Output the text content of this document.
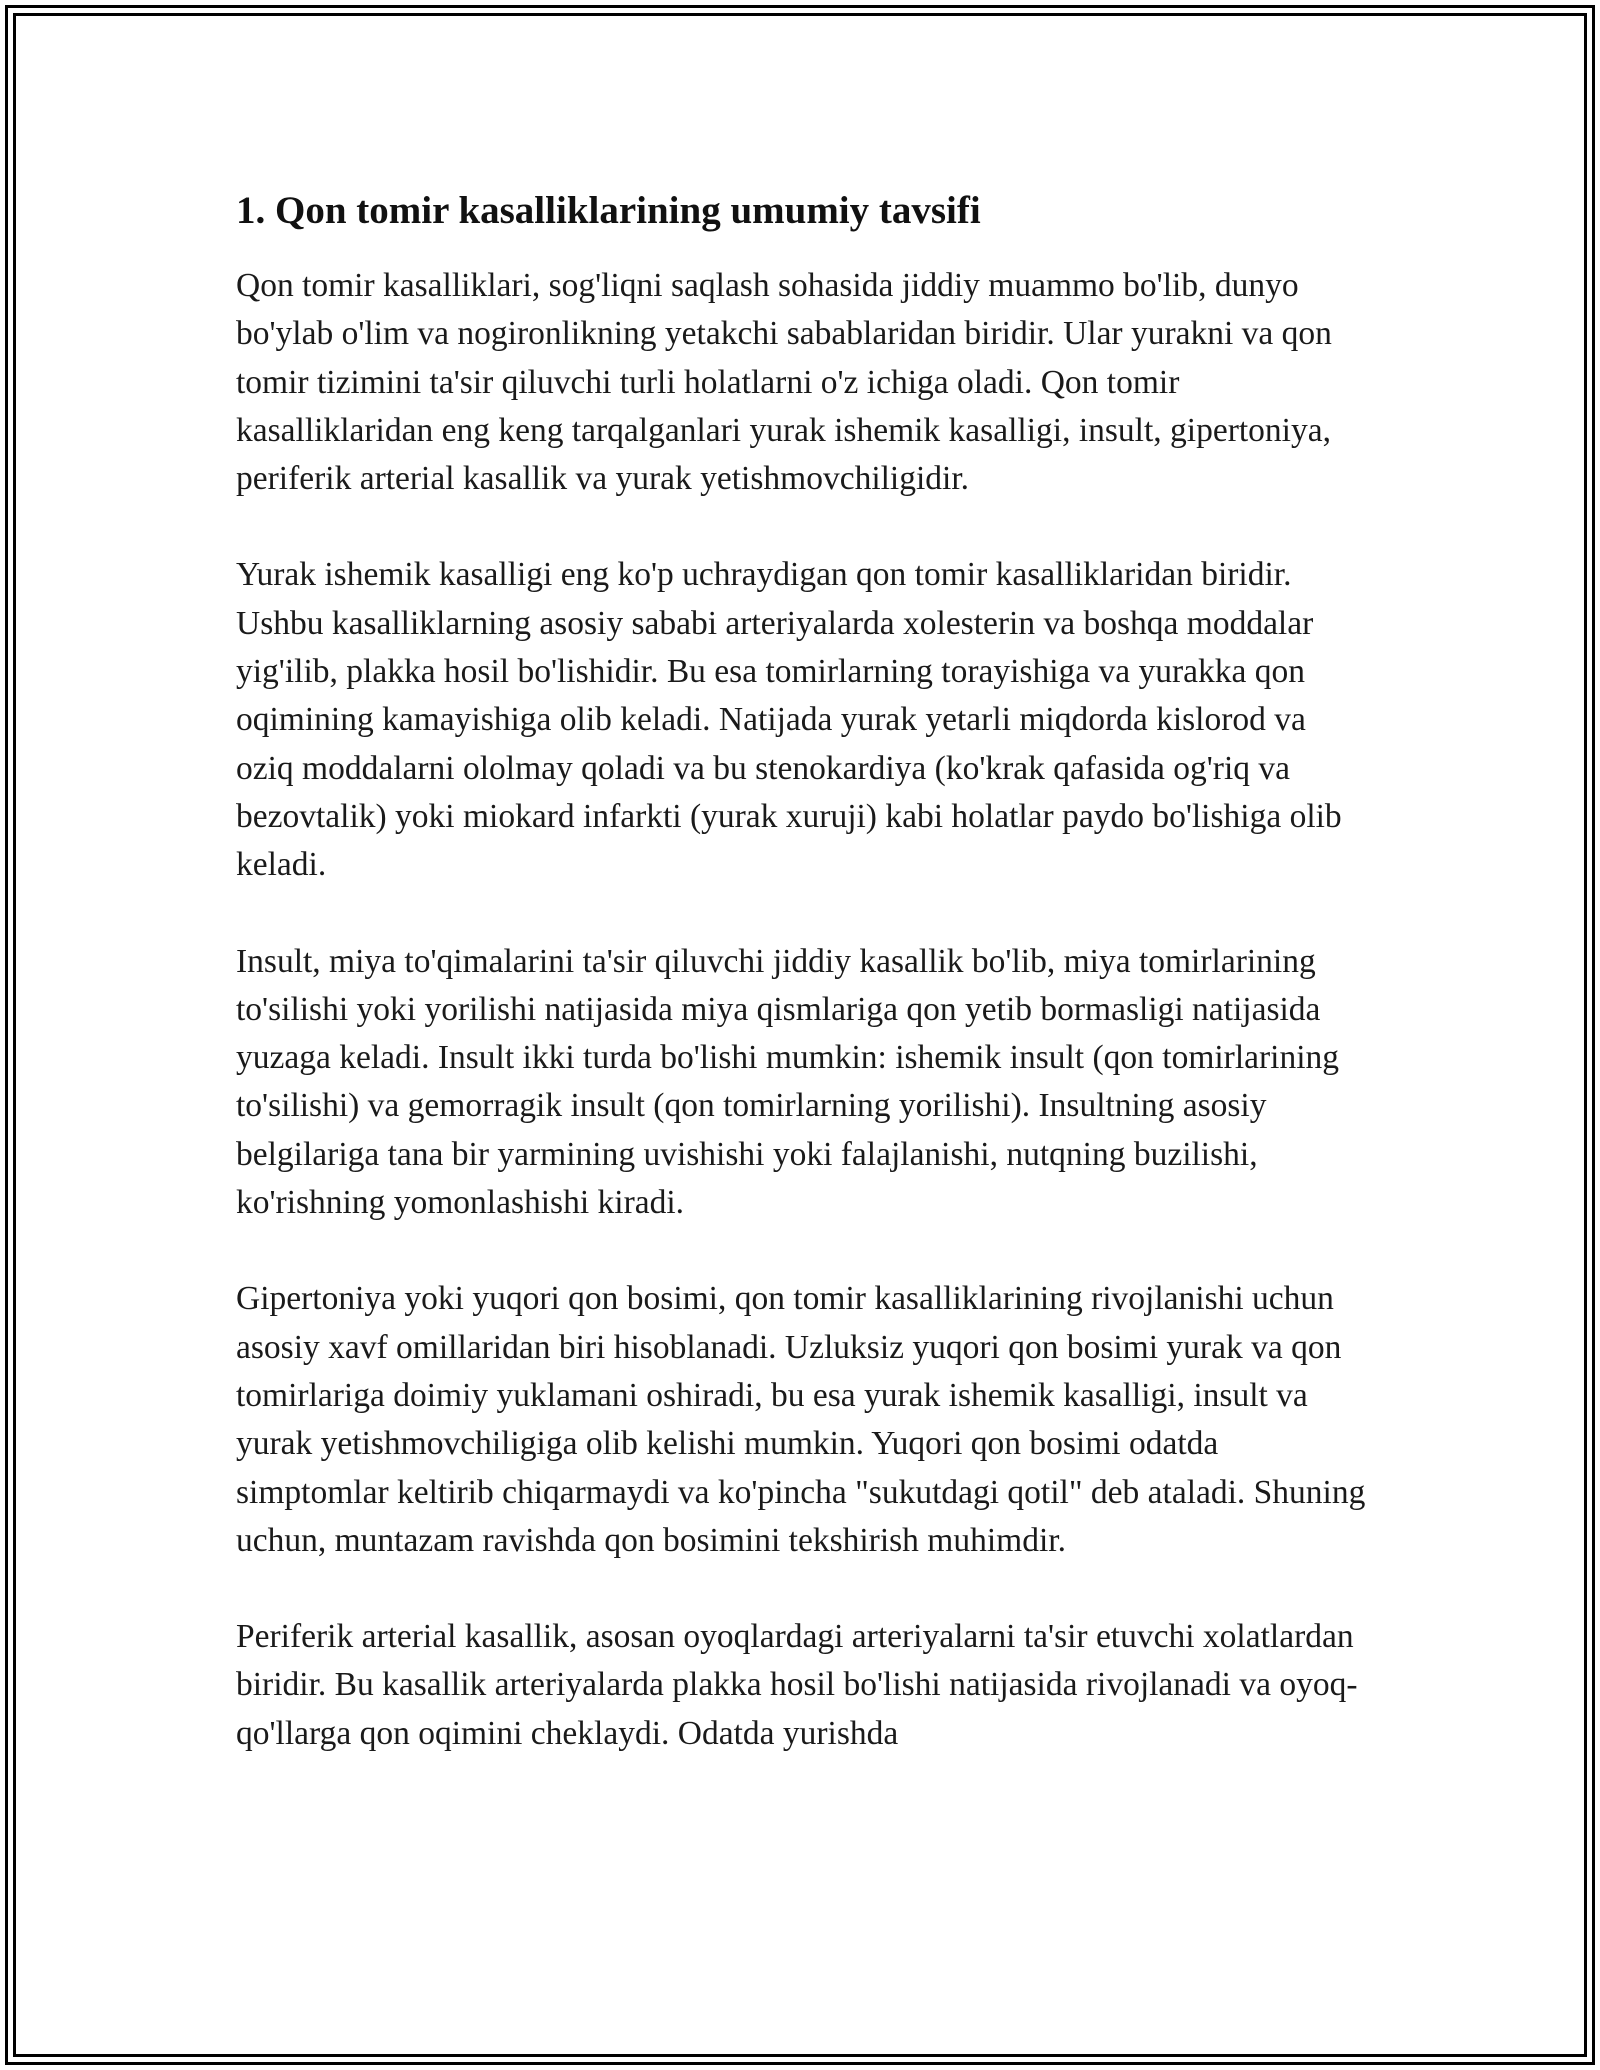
1. Qon tomir kasalliklarining umumiy tavsifi

Qon tomir kasalliklari, sog'liqni saqlash sohasida jiddiy muammo bo'lib, dunyo bo'ylab o'lim va nogironlikning yetakchi sabablaridan biridir. Ular yurakni va qon tomir tizimini ta'sir qiluvchi turli holatlarni o'z ichiga oladi. Qon tomir kasalliklaridan eng keng tarqalganlari yurak ishemik kasalligi, insult, gipertoniya, periferik arterial kasallik va yurak yetishmovchiligidir.

Yurak ishemik kasalligi eng ko'p uchraydigan qon tomir kasalliklaridan biridir. Ushbu kasalliklarning asosiy sababi arteriyalarda xolesterin va boshqa moddalar yig'ilib, plakka hosil bo'lishidir. Bu esa tomirlarning torayishiga va yurakka qon oqimining kamayishiga olib keladi. Natijada yurak yetarli miqdorda kislorod va oziq moddalarni ololmay qoladi va bu stenokardiya (ko'krak qafasida og'riq va bezovtalik) yoki miokard infarkti (yurak xuruji) kabi holatlar paydo bo'lishiga olib keladi.

Insult, miya to'qimalarini ta'sir qiluvchi jiddiy kasallik bo'lib, miya tomirlarining to'silishi yoki yorilishi natijasida miya qismlariga qon yetib bormasligi natijasida yuzaga keladi. Insult ikki turda bo'lishi mumkin: ishemik insult (qon tomirlarining to'silishi) va gemorragik insult (qon tomirlarning yorilishi). Insultning asosiy belgilariga tana bir yarmining uvishishi yoki falajlanishi, nutqning buzilishi, ko'rishning yomonlashishi kiradi.

Gipertoniya yoki yuqori qon bosimi, qon tomir kasalliklarining rivojlanishi uchun asosiy xavf omillaridan biri hisoblanadi. Uzluksiz yuqori qon bosimi yurak va qon tomirlariga doimiy yuklamani oshiradi, bu esa yurak ishemik kasalligi, insult va yurak yetishmovchiligiga olib kelishi mumkin. Yuqori qon bosimi odatda simptomlar keltirib chiqarmaydi va ko'pincha "sukutdagi qotil" deb ataladi. Shuning uchun, muntazam ravishda qon bosimini tekshirish muhimdir.

Periferik arterial kasallik, asosan oyoqlardagi arteriyalarni ta'sir etuvchi xolatlardan biridir. Bu kasallik arteriyalarda plakka hosil bo'lishi natijasida rivojlanadi va oyoq-qo'llarga qon oqimini cheklaydi. Odatda yurishda
